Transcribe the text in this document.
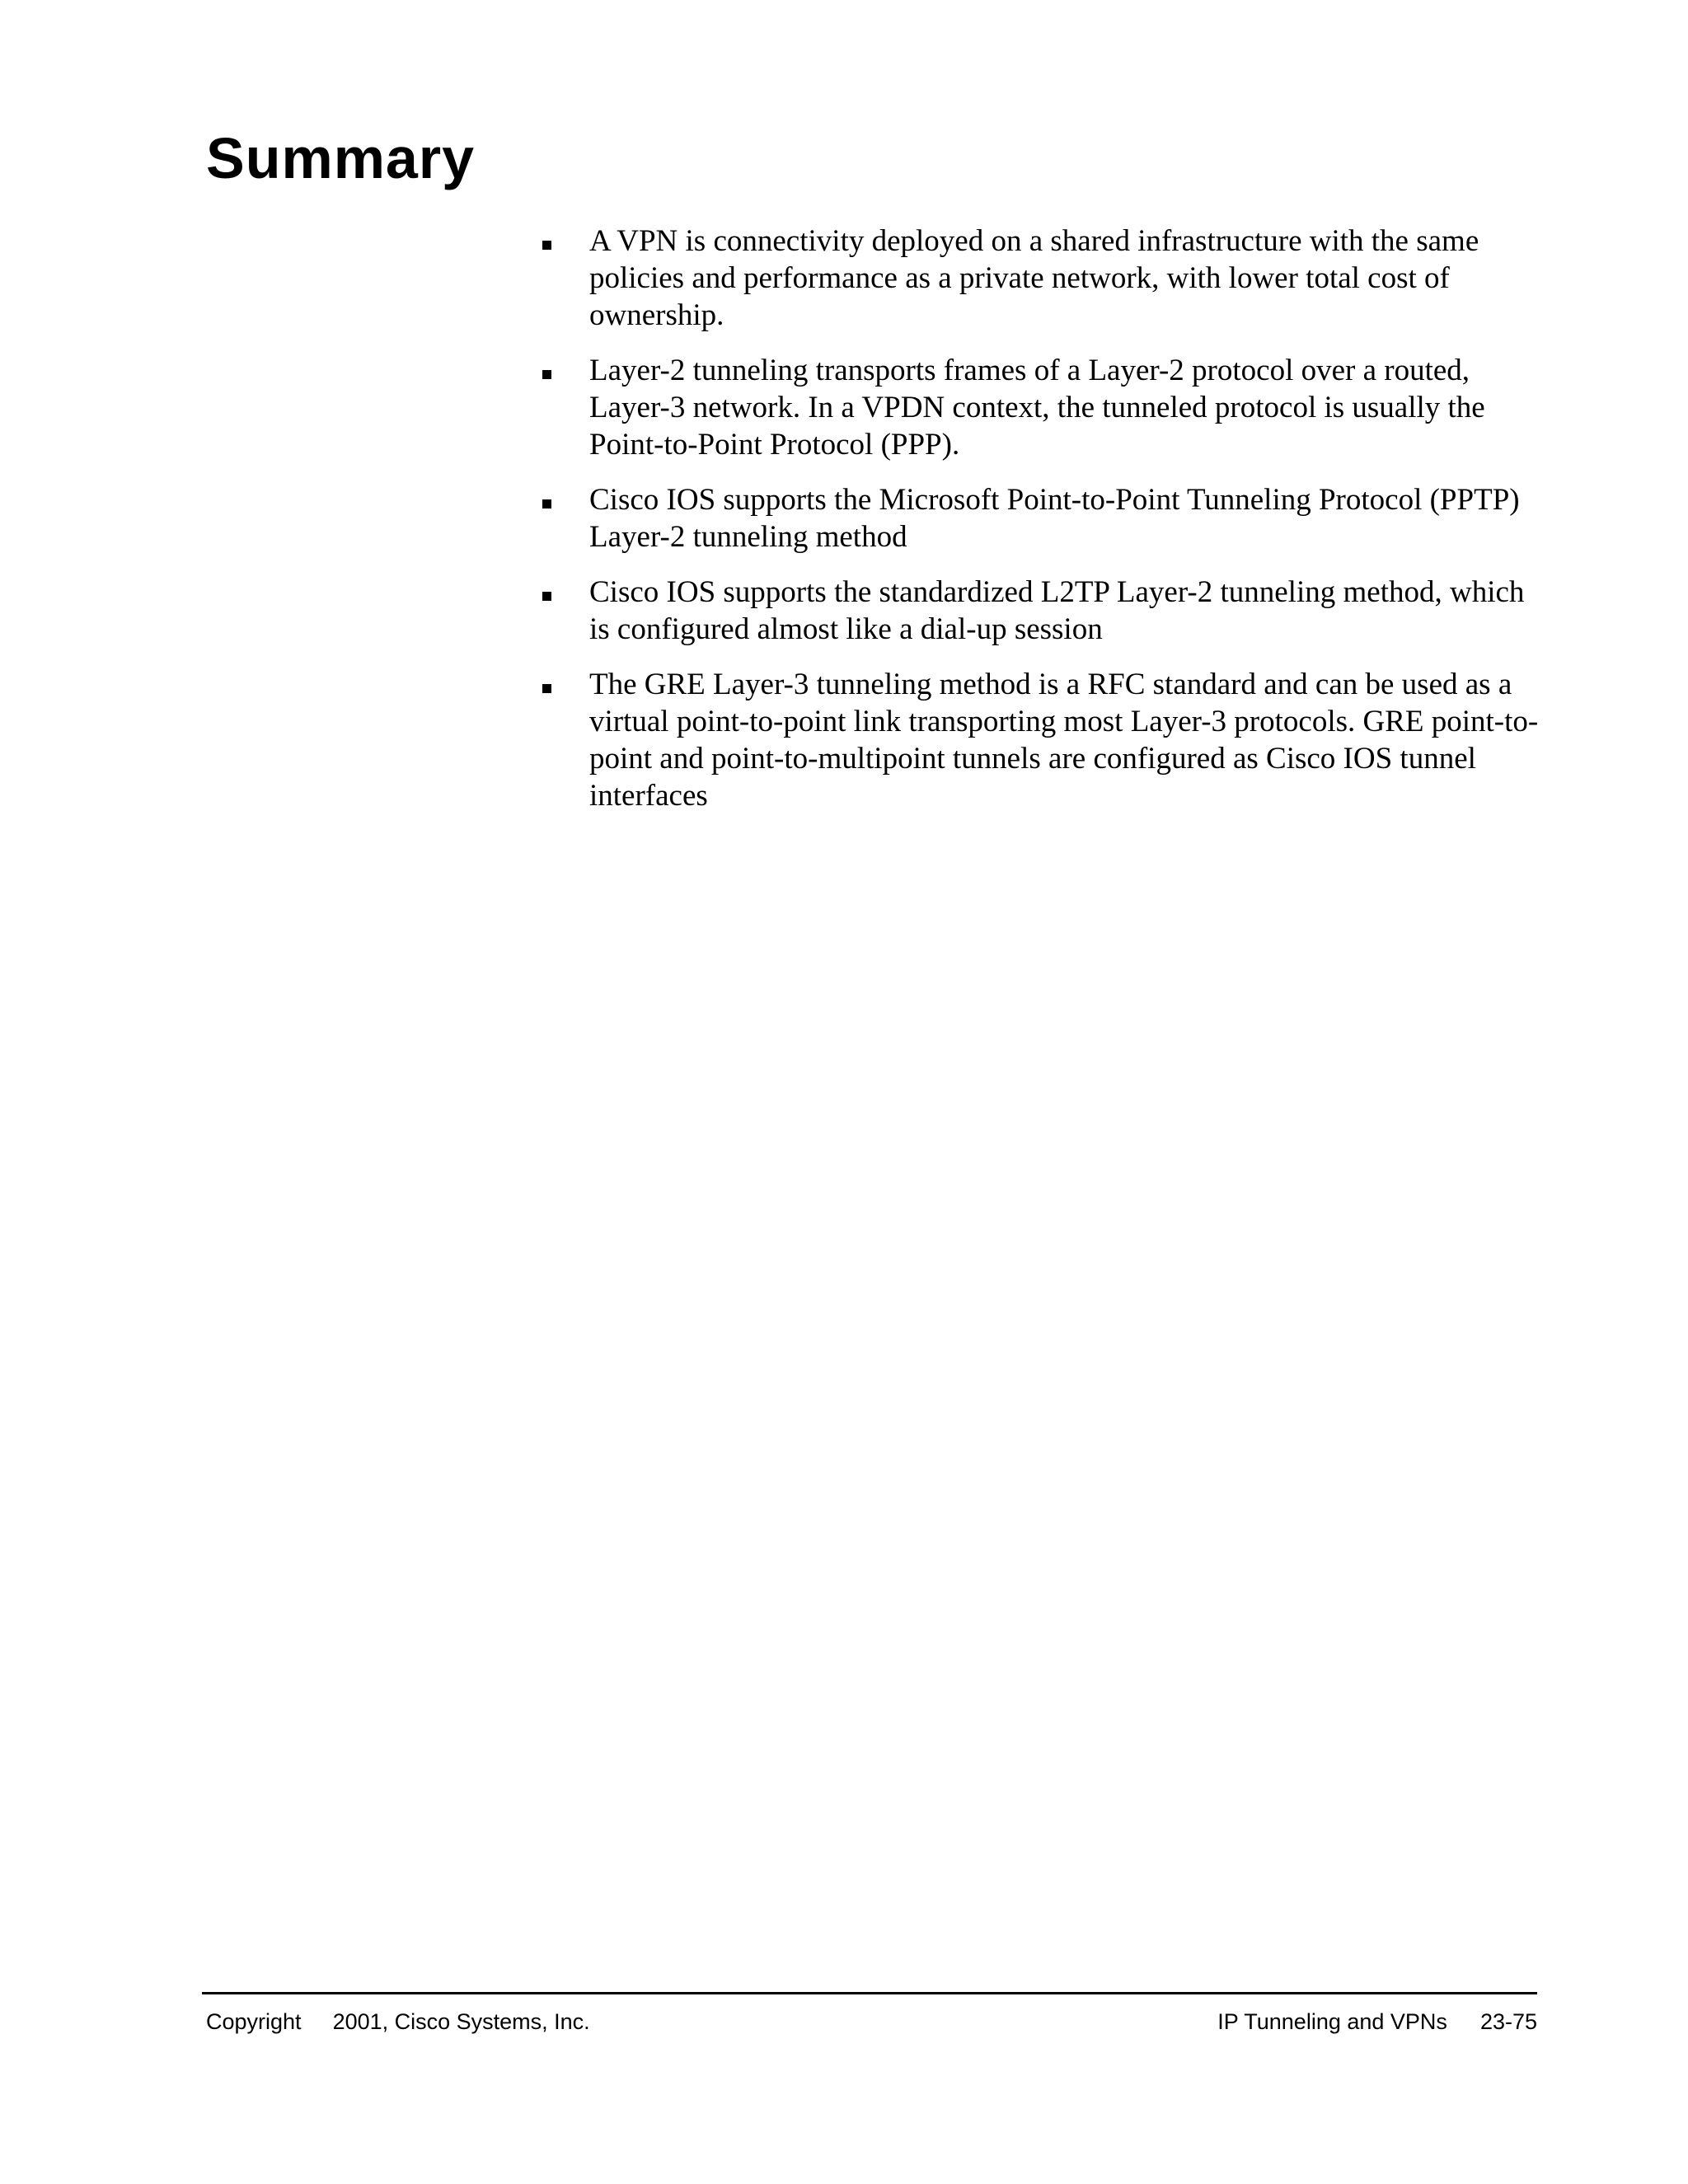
Summary
A VPN is connectivity deployed on a shared infrastructure with the same policies and performance as a private network, with lower total cost of ownership.
Layer-2 tunneling transports frames of a Layer-2 protocol over a routed, Layer-3 network. In a VPDN context, the tunneled protocol is usually the Point-to-Point Protocol (PPP).
Cisco IOS supports the Microsoft Point-to-Point Tunneling Protocol (PPTP) Layer-2 tunneling method
Cisco IOS supports the standardized L2TP Layer-2 tunneling method, which is configured almost like a dial-up session
The GRE Layer-3 tunneling method is a RFC standard and can be used as a virtual point-to-point link transporting most Layer-3 protocols. GRE point-to-point and point-to-multipoint tunnels are configured as Cisco IOS tunnel interfaces
Copyright 2001, Cisco Systems, Inc.	IP Tunneling and VPNs 23-75
